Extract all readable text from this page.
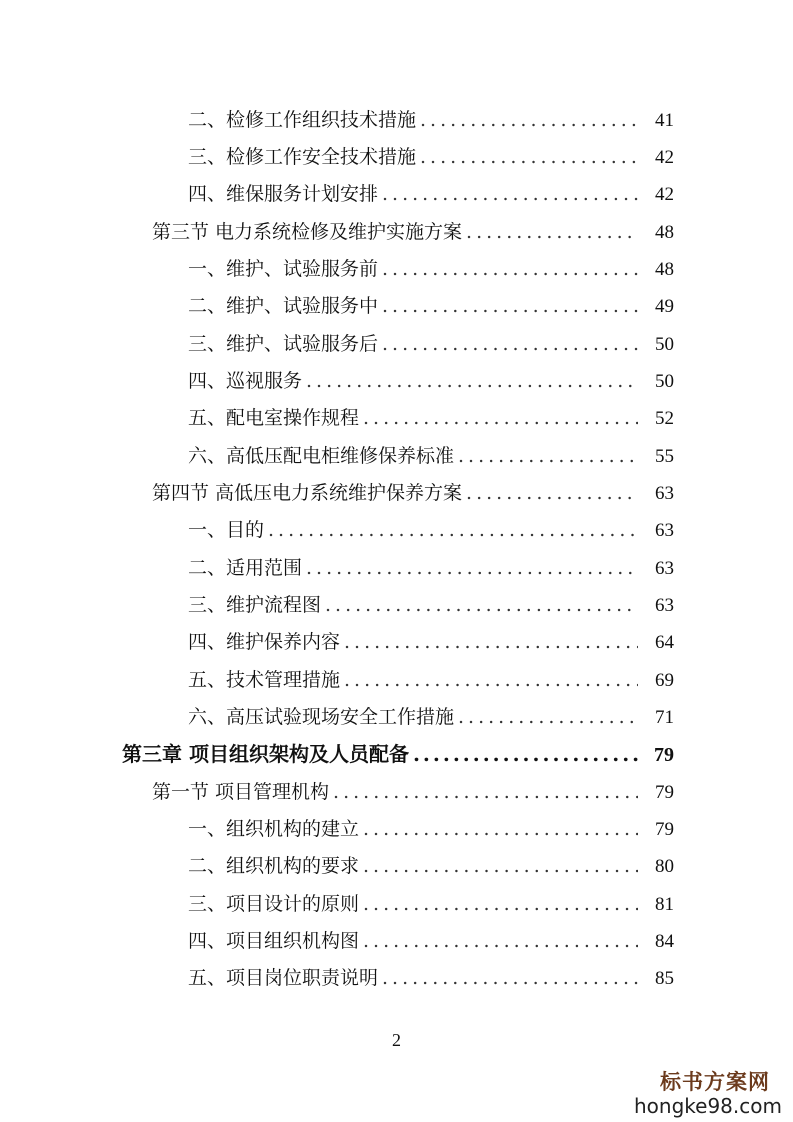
二、检修工作组织技术措施 .....	41
三、检修工作安全技术措施 .....	42
四、维保服务计划安排 .....	42
第三节 电力系统检修及维护实施方案 .....	48
一、维护、试验服务前 .....	48
二、维护、试验服务中 .....	49
三、维护、试验服务后 .....	50
四、巡视服务 .....	50
五、配电室操作规程 .....	52
六、高低压配电柜维修保养标准 .....	55
第四节 高低压电力系统维护保养方案 .....	63
一、目的 .....	63
二、适用范围 .....	63
三、维护流程图 .....	63
四、维护保养内容 .....	64
五、技术管理措施 .....	69
六、高压试验现场安全工作措施 .....	71
第三章 项目组织架构及人员配备 .....	79
第一节 项目管理机构 .....	79
一、组织机构的建立 .....	79
二、组织机构的要求 .....	80
三、项目设计的原则 .....	81
四、项目组织机构图 .....	84
五、项目岗位职责说明 .....	85
2
标书方案网
hongke98.com
